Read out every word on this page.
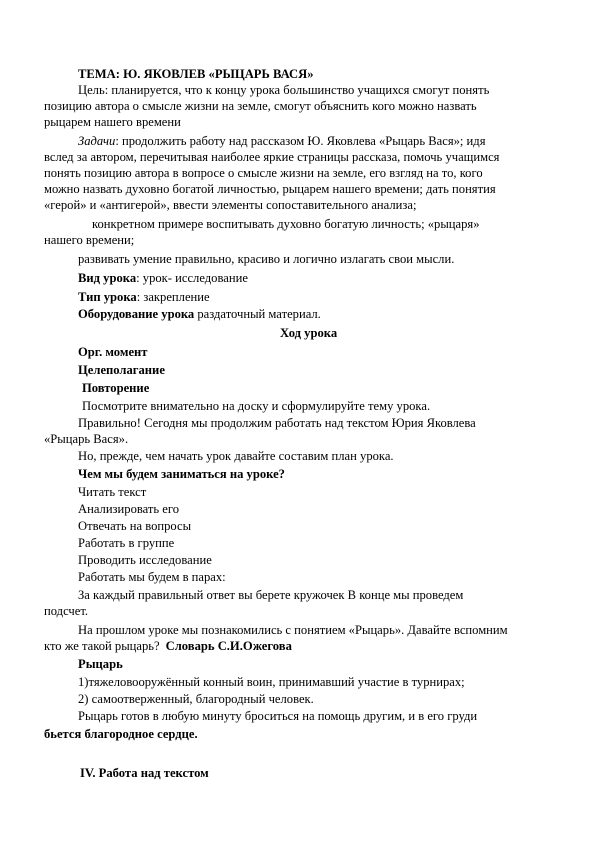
ТЕМА: Ю. ЯКОВЛЕВ «РЫЦАРЬ ВАСЯ»
Цель: планируется, что к концу урока большинство учащихся смогут понять
позицию автора о смысле жизни на земле, смогут объяснить кого можно назвать
рыцарем нашего времени
Задачи: продолжить работу над рассказом Ю. Яковлева «Рыцарь Вася»; идя
вслед за автором, перечитывая наиболее яркие страницы рассказа, помочь учащимся
понять позицию автора в вопросе о смысле жизни на земле, его взгляд на то, кого
можно назвать духовно богатой личностью, рыцарем нашего времени; дать понятия
«герой» и «антигерой», ввести элементы сопоставительного анализа;
конкретном примере воспитывать духовно богатую личность; «рыцаря»
нашего времени;
развивать умение правильно, красиво и логично излагать свои мысли.
Вид урока: урок- исследование
Тип урока: закрепление
Оборудование урока раздаточный материал.
Ход урока
Орг. момент
Целеполагание
Повторение
Посмотрите внимательно на доску и сформулируйте тему урока.
Правильно! Сегодня мы продолжим работать над текстом Юрия Яковлева
«Рыцарь Вася».
Но, прежде, чем начать урок давайте составим план урока.
Чем мы будем заниматься на уроке?
Читать текст
Анализировать его
Отвечать на вопросы
Работать в группе
Проводить исследование
Работать мы будем в парах:
За каждый правильный ответ вы берете кружочек В конце мы проведем
подсчет.
На прошлом уроке мы познакомились с понятием «Рыцарь». Давайте вспомним
кто же такой рыцарь? Словарь С.И.Ожегова
Рыцарь
1)тяжеловооружённый конный воин, принимавший участие в турнирах;
2) самоотверженный, благородный человек.
Рыцарь готов в любую минуту броситься на помощь другим, и в его груди
бьется благородное сердце.
IV. Работа над текстом
